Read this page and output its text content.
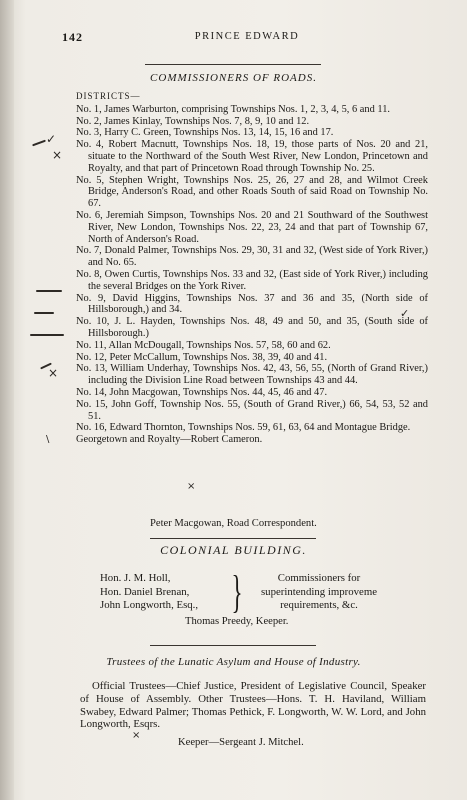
142	PRINCE EDWARD
COMMISSIONERS OF ROADS.
DISTRICTS—
No. 1, James Warburton, comprising Townships Nos. 1, 2, 3, 4, 5, 6 and 11.
No. 2, James Kinlay, Townships Nos. 7, 8, 9, 10 and 12.
No. 3, Harry C. Green, Townships Nos. 13, 14, 15, 16 and 17.
No. 4, Robert Macnutt, Townships Nos. 18, 19, those parts of Nos. 20 and 21, situate to the Northward of the South West River, New London, Princetown and Royalty, and that part of Princetown Road through Township No. 25.
No. 5, Stephen Wright, Townships Nos. 25, 26, 27 and 28, and Wilmot Creek Bridge, Anderson's Road, and other Roads South of said Road on Township No. 67.
No. 6, Jeremiah Simpson, Townships Nos. 20 and 21 Southward of the Southwest River, New London, Townships Nos. 22, 23, 24 and that part of Township 67, North of Anderson's Road.
No. 7, Donald Palmer, Townships Nos. 29, 30, 31 and 32, (West side of York River,) and No. 65.
No. 8, Owen Curtis, Townships Nos. 33 and 32, (East side of York River,) including the several Bridges on the York River.
No. 9, David Higgins, Townships Nos. 37 and 36 and 35, (North side of Hillsborough,) and 34.
No. 10, J. L. Hayden, Townships Nos. 48, 49 and 50, and 35, (South side of Hillsborough.)
No. 11, Allan McDougall, Townships Nos. 57, 58, 60 and 62.
No. 12, Peter McCallum, Townships Nos. 38, 39, 40 and 41.
No. 13, William Underhay, Townships Nos. 42, 43, 56, 55, (North of Grand River,) including the Division Line Road between Townships 43 and 44.
No. 14, John Macgowan, Townships Nos. 44, 45, 46 and 47.
No. 15, John Goff, Township Nos. 55, (South of Grand River,) 66, 54, 53, 52 and 51.
No. 16, Edward Thornton, Townships Nos. 59, 61, 63, 64 and Montague Bridge.
Georgetown and Royalty—Robert Cameron.
Peter Macgowan, Road Correspondent.
COLONIAL BUILDING.
Hon. J. M. Holl,
Hon. Daniel Brenan,
John Longworth, Esq., }	Commissioners for
superintending improveme
requirements, &c.
Thomas Preedy, Keeper.
Trustees of the Lunatic Asylum and House of Industry.
Official Trustees—Chief Justice, President of Legislative Council, Speaker of House of Assembly. Other Trustees—Hons. T. H. Haviland, William Swabey, Edward Palmer; Thomas Pethick, F. Longworth, W. W. Lord, and John Longworth, Esqrs.
Keeper—Sergeant J. Mitchel.
✓
×
×
\
✓
×
×
